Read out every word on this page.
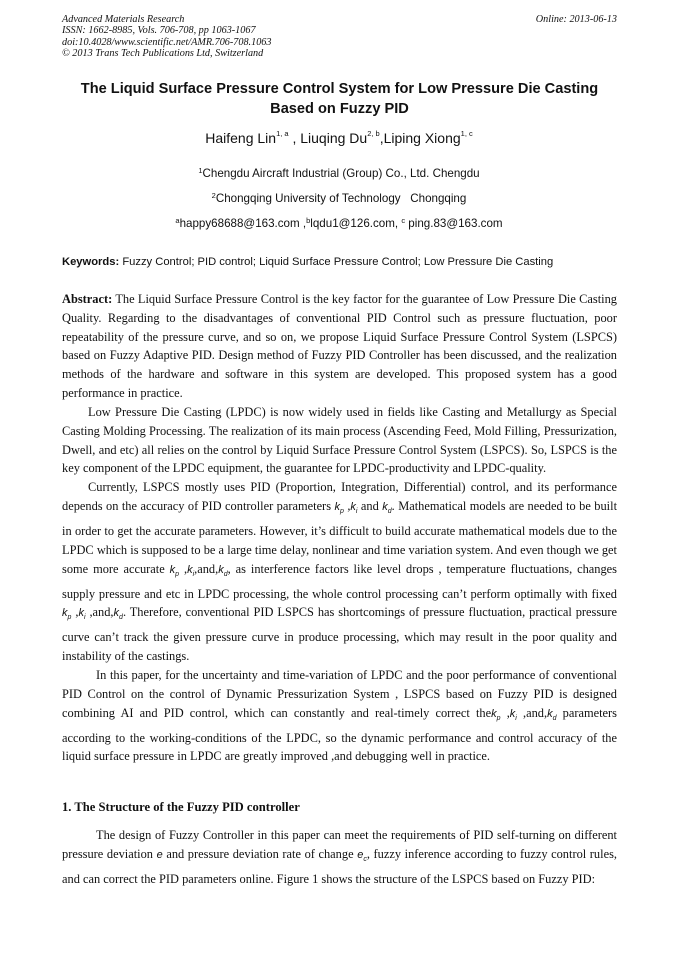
Advanced Materials Research
ISSN: 1662-8985, Vols. 706-708, pp 1063-1067
doi:10.4028/www.scientific.net/AMR.706-708.1063
© 2013 Trans Tech Publications Ltd, Switzerland
Online: 2013-06-13
The Liquid Surface Pressure Control System for Low Pressure Die Casting Based on Fuzzy PID
Haifeng Lin$^{1, a}$ , Liuqing Du$^{2, b}$,Liping Xiong$^{1, c}$
$^1$Chengdu Aircraft Industrial (Group) Co., Ltd. Chengdu
$^2$Chongqing University of Technology   Chongqing
$^a$happy68688@163.com ,$^b$lqdu1@126.com, $^c$ ping.83@163.com
Keywords: Fuzzy Control; PID control; Liquid Surface Pressure Control; Low Pressure Die Casting

Abstract: The Liquid Surface Pressure Control is the key factor for the guarantee of Low Pressure Die Casting Quality. Regarding to the disadvantages of conventional PID Control such as pressure fluctuation, poor repeatability of the pressure curve, and so on, we propose Liquid Surface Pressure Control System (LSPCS) based on Fuzzy Adaptive PID. Design method of Fuzzy PID Controller has been discussed, and the realization methods of the hardware and software in this system are developed. This proposed system has a good performance in practice.

Low Pressure Die Casting (LPDC) is now widely used in fields like Casting and Metallurgy as Special Casting Molding Processing. The realization of its main process (Ascending Feed, Mold Filling, Pressurization, Dwell, and etc) all relies on the control by Liquid Surface Pressure Control System (LSPCS). So, LSPCS is the key component of the LPDC equipment, the guarantee for LPDC-productivity and LPDC-quality.

Currently, LSPCS mostly uses PID (Proportion, Integration, Differential) control, and its performance depends on the accuracy of PID controller parameters $k_p$ $,k_i$ and $k_d$. Mathematical models are needed to be built in order to get the accurate parameters. However, it’s difficult to build accurate mathematical models due to the LPDC which is supposed to be a large time delay, nonlinear and time variation system. And even though we get some more accurate $k_p$ $,k_i,and,k_d$, as interference factors like level drops , temperature fluctuations, changes supply pressure and etc in LPDC processing, the whole control processing can’t perform optimally with fixed $k_p$ $,k_i$ $,and,k_d$. Therefore, conventional PID LSPCS has shortcomings of pressure fluctuation, practical pressure curve can’t track the given pressure curve in produce processing, which may result in the poor quality and instability of the castings.

In this paper, for the uncertainty and time-variation of LPDC and the poor performance of conventional PID Control on the control of Dynamic Pressurization System , LSPCS based on Fuzzy PID is designed combining AI and PID control, which can constantly and real-timely correct thek$_p$ $,k_i$ $,and,k_d$ parameters according to the working-conditions of the LPDC, so the dynamic performance and control accuracy of the liquid surface pressure in LPDC are greatly improved ,and debugging well in practice.

1. The Structure of the Fuzzy PID controller

The design of Fuzzy Controller in this paper can meet the requirements of PID self-turning on different pressure deviation e and pressure deviation rate of change $e_c$, fuzzy inference according to fuzzy control rules, and can correct the PID parameters online. Figure 1 shows the structure of the LSPCS based on Fuzzy PID:
